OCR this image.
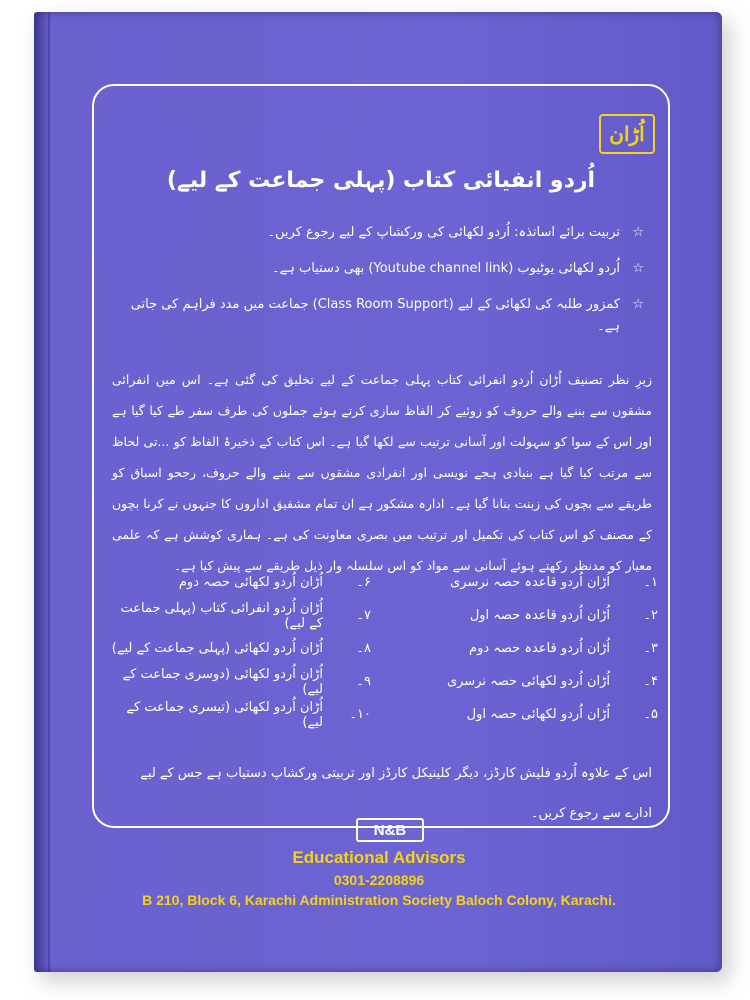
اُڑان
اُردو انفیائی کتاب (پہلی جماعت کے لیے)
☆
تربیت برائے اساتذہ: اُردو لکھائی کی ورکشاپ کے لیے رجوع کریں۔
☆
اُردو لکھائی یوٹیوب (Youtube channel link) بھی دستیاب ہے۔
☆
کمزور طلبہ کی لکھائی کے لیے (Class Room Support) جماعت میں مدد فراہم کی جاتی ہے۔
زیرِ نظر تصنیف اُڑان اُردو انفرائی کتاب پہلی جماعت کے لیے تخلیق کی گئی ہے۔ اس میں انفرائی مشقوں سے بننے والے حروف کو زوئیے کر الفاظ سازی کرتے ہوئے جملوں کی طرف سفر طے کیا گیا ہے اور اس کے سوا کو سہولت اور آسانی ترتیب سے لکھا گیا ہے۔ اس کتاب کے ذخیرۂ الفاظ کو ...تی لحاظ سے مرتب کیا گیا ہے بنیادی ہجے نویسی اور انفرادی مشقوں سے بننے والے حروف، رجحو اسباق کو طریقے سے بچوں کی زبنت بنانا گیا ہے۔ ادارہ مشکور ہے ان تمام مشفیق اداروں کا جنہوں نے کرنا بچوں کے مصنف کو اس کتاب کی تکمیل اور ترتیب میں بصری معاونت کی ہے۔ ہماری کوشش ہے کہ علمی معیار کو مدنظر رکھتے ہوئے آسانی سے مواد کو اس سلسلہ وار ذیل طریقے سے پیش کیا ہے۔
۱۔
اُڑان اُردو قاعدہ حصہ نرسری
۶۔
اُڑان اُردو لکھائی حصہ دوم
۲۔
اُڑان اُردو قاعدہ حصہ اول
۷۔
اُڑان اُردو انفرائی کتاب (پہلی جماعت کے لیے)
۳۔
اُڑان اُردو قاعدہ حصہ دوم
۸۔
اُڑان اُردو لکھائی (پہلی جماعت کے لیے)
۴۔
اُڑان اُردو لکھائی حصہ نرسری
۹۔
اُڑان اُردو لکھائی (دوسری جماعت کے لیے)
۵۔
اُڑان اُردو لکھائی حصہ اول
۱۰۔
اُڑان اُردو لکھائی (تیسری جماعت کے لیے)
اس کے علاوہ اُردو فلیش کارڈز، دیگر کلینیکل کارڈز اور تربیتی ورکشاپ دستیاب ہے جس کے لیے ادارے سے رجوع کریں۔
N&B
Educational Advisors
0301-2208896
B 210, Block 6, Karachi Administration Society Baloch Colony, Karachi.
